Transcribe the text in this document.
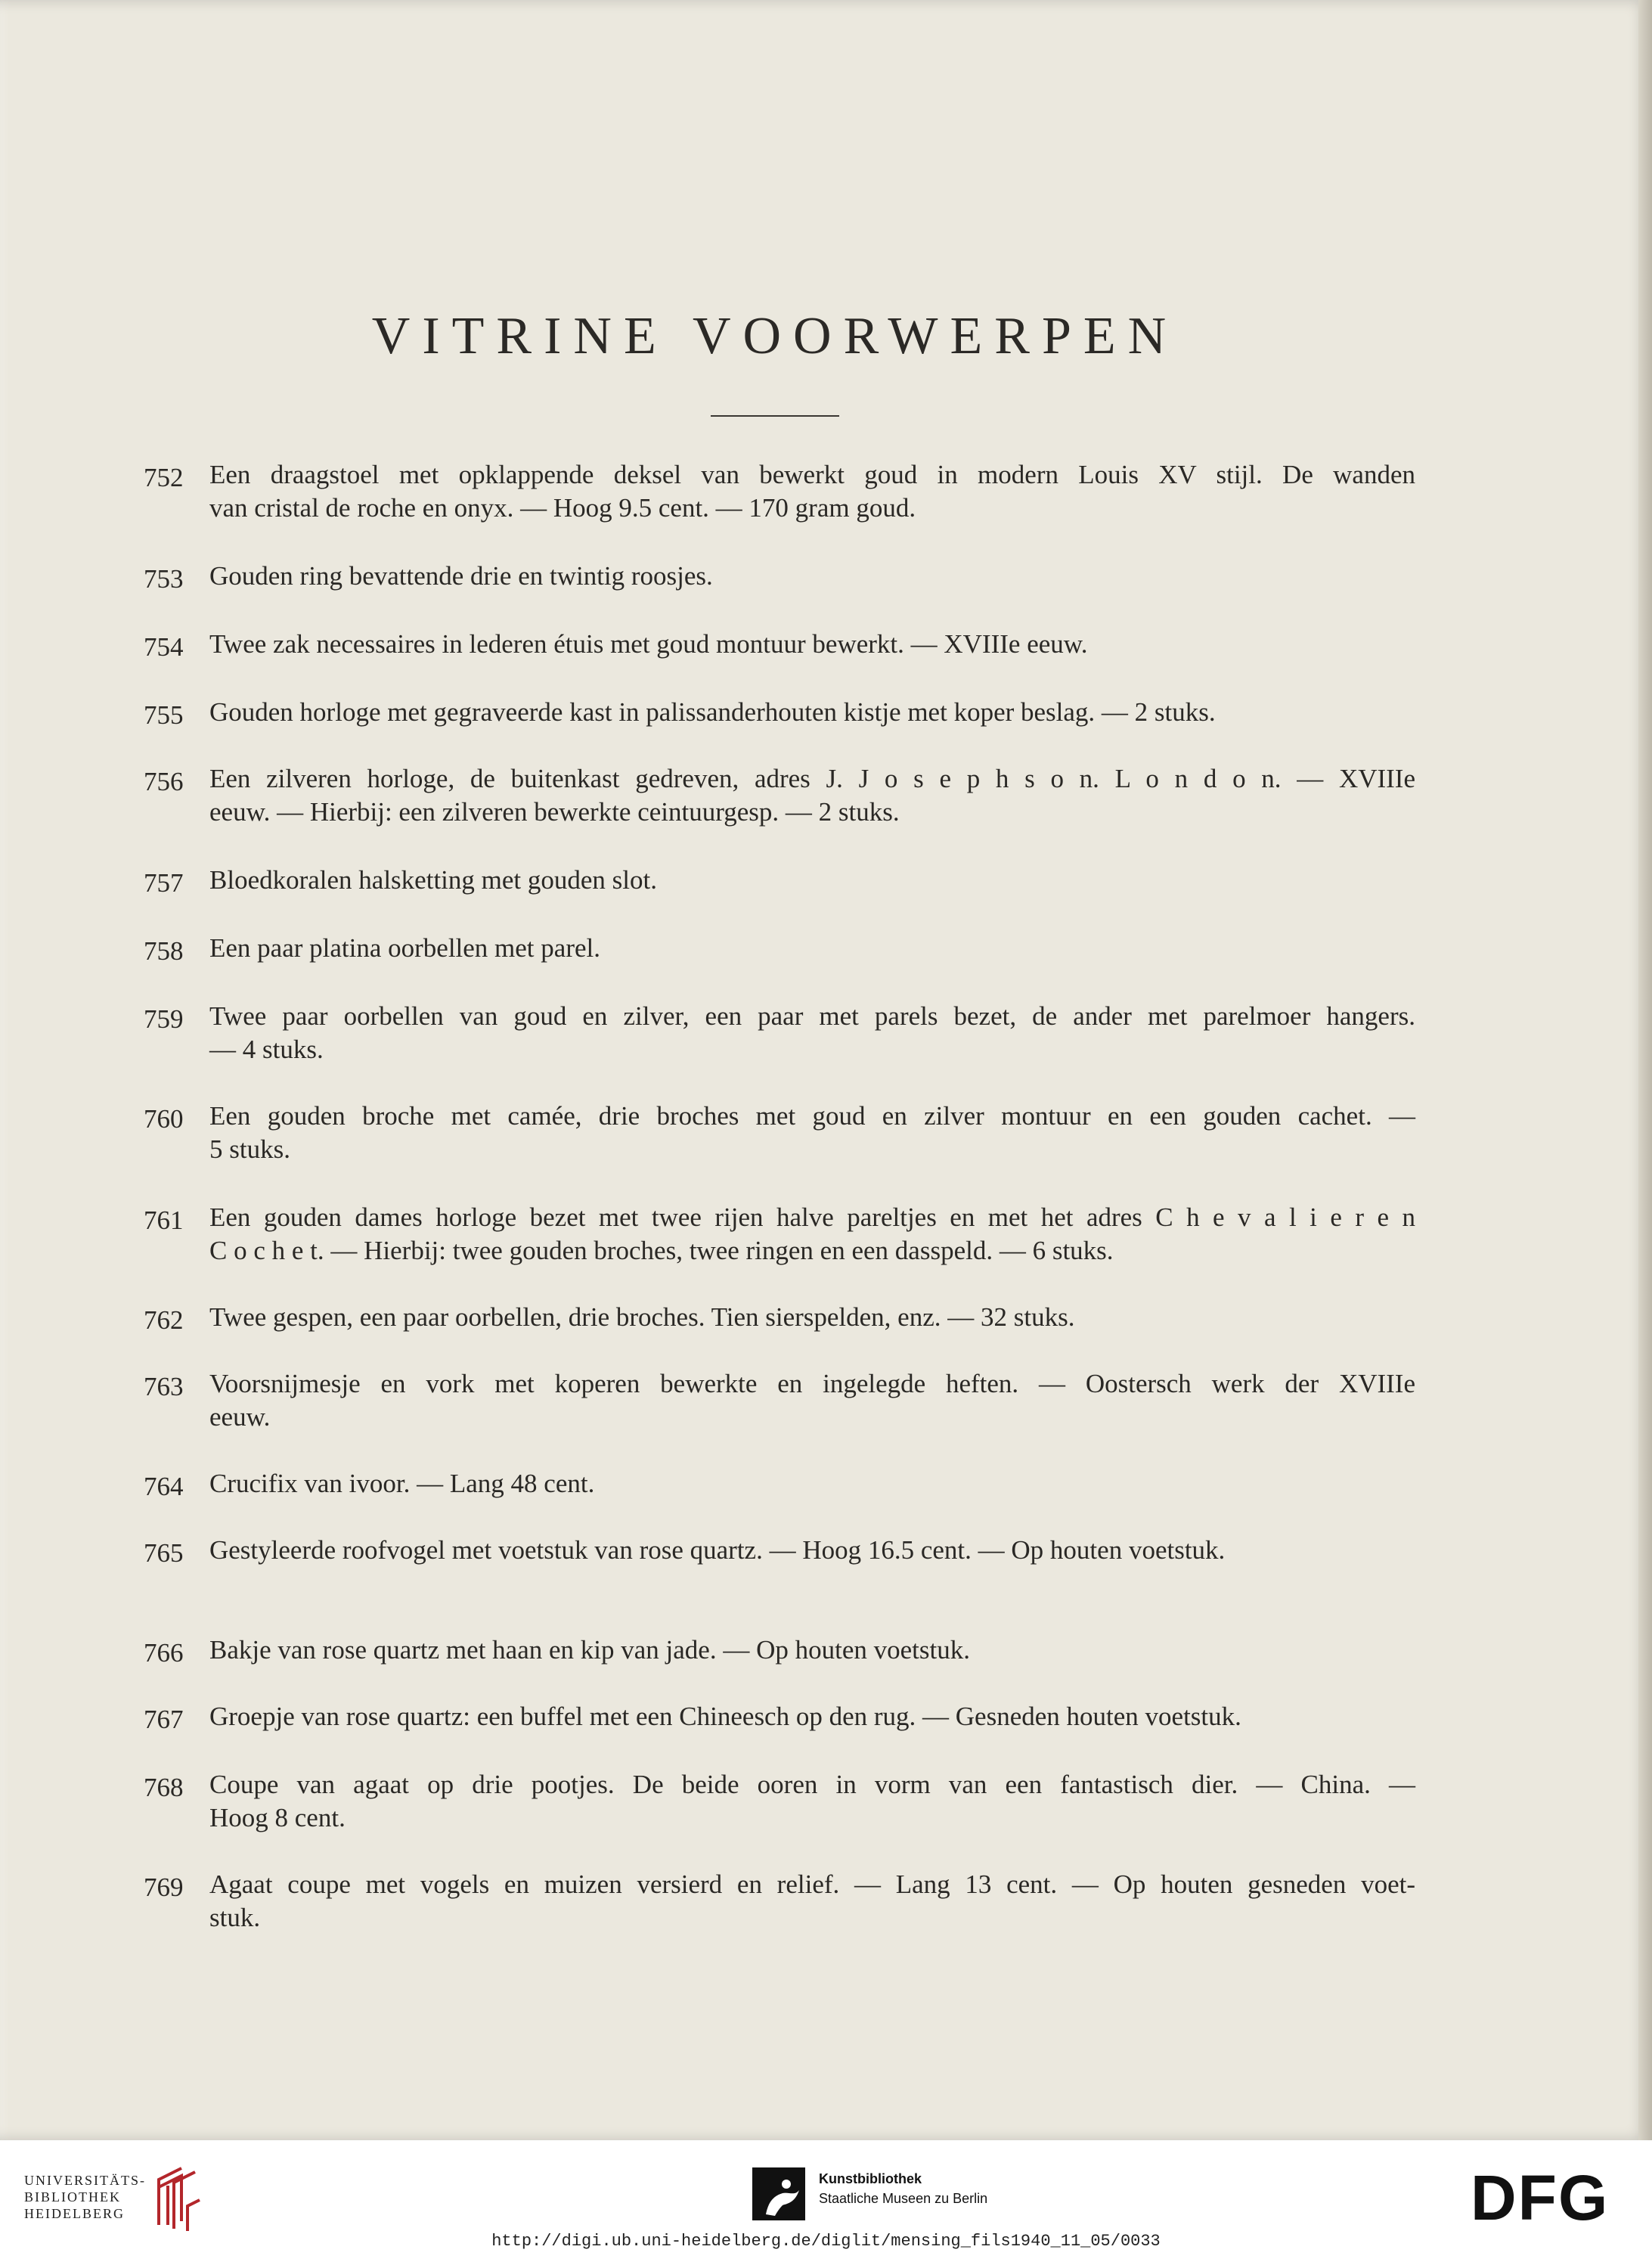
VITRINE VOORWERPEN
752 Een draagstoel met opklappende deksel van bewerkt goud in modern Louis XV stijl. De wanden
van cristal de roche en onyx. — Hoog 9.5 cent. — 170 gram goud.
753 Gouden ring bevattende drie en twintig roosjes.
754 Twee zak necessaires in lederen étuis met goud montuur bewerkt. — XVIIIe eeuw.
755 Gouden horloge met gegraveerde kast in palissanderhouten kistje met koper beslag. — 2 stuks.
756 Een zilveren horloge, de buitenkast gedreven, adres J. J o s e p h s o n. L o n d o n. — XVIIIe
eeuw. — Hierbij: een zilveren bewerkte ceintuurgesp. — 2 stuks.
757 Bloedkoralen halsketting met gouden slot.
758 Een paar platina oorbellen met parel.
759 Twee paar oorbellen van goud en zilver, een paar met parels bezet, de ander met parelmoer hangers.
— 4 stuks.
760 Een gouden broche met camée, drie broches met goud en zilver montuur en een gouden cachet. —
5 stuks.
761 Een gouden dames horloge bezet met twee rijen halve pareltjes en met het adres C h e v a l i e r e n
C o c h e t. — Hierbij: twee gouden broches, twee ringen en een dasspeld. — 6 stuks.
762 Twee gespen, een paar oorbellen, drie broches. Tien sierspelden, enz. — 32 stuks.
763 Voorsnijmesje en vork met koperen bewerkte en ingelegde heften. — Oostersch werk der XVIIIe
eeuw.
764 Crucifix van ivoor. — Lang 48 cent.
765 Gestyleerde roofvogel met voetstuk van rose quartz. — Hoog 16.5 cent. — Op houten voetstuk.
766 Bakje van rose quartz met haan en kip van jade. — Op houten voetstuk.
767 Groepje van rose quartz: een buffel met een Chineesch op den rug. — Gesneden houten voetstuk.
768 Coupe van agaat op drie pootjes. De beide ooren in vorm van een fantastisch dier. — China. —
Hoog 8 cent.
769 Agaat coupe met vogels en muizen versierd en relief. — Lang 13 cent. — Op houten gesneden voet-
stuk.
UNIVERSITÄTS-
BIBLIOTHEK
HEIDELBERG
Kunstbibliothek
Staatliche Museen zu Berlin	DFG
http://digi.ub.uni-heidelberg.de/diglit/mensing_fils1940_11_05/0033
